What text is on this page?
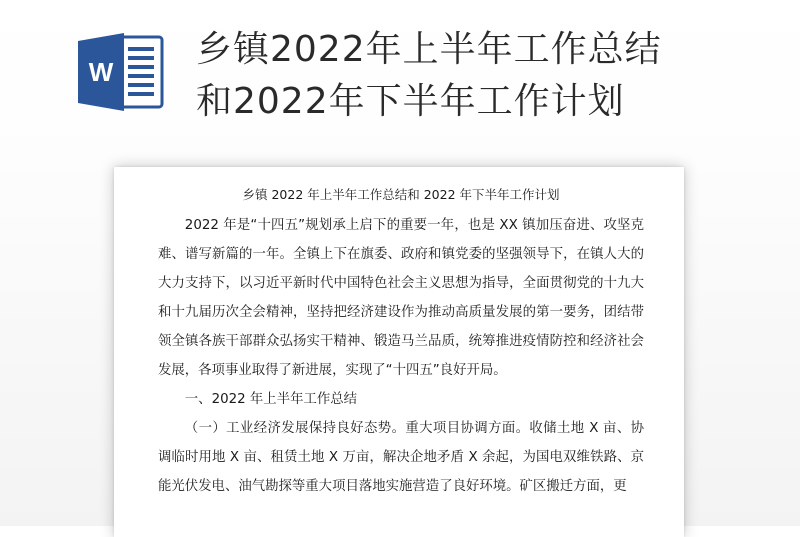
W
乡镇2022年上半年工作总结
和2022年下半年工作计划
乡镇 2022 年上半年工作总结和 2022 年下半年工作计划

2022 年是“十四五”规划承上启下的重要一年，也是 XX 镇加压奋进、攻坚克难、谱写新篇的一年。全镇上下在旗委、政府和镇党委的坚强领导下，在镇人大的大力支持下，以习近平新时代中国特色社会主义思想为指导，全面贯彻党的十九大和十九届历次全会精神，坚持把经济建设作为推动高质量发展的第一要务，团结带领全镇各族干部群众弘扬实干精神、锻造马兰品质，统筹推进疫情防控和经济社会发展，各项事业取得了新进展，实现了“十四五”良好开局。

一、2022 年上半年工作总结

（一）工业经济发展保持良好态势。重大项目协调方面。收储土地 X 亩、协调临时用地 X 亩、租赁土地 X 万亩，解决企地矛盾 X 余起，为国电双维铁路、京能光伏发电、油气勘探等重大项目落地实施营造了良好环境。矿区搬迁方面，更
